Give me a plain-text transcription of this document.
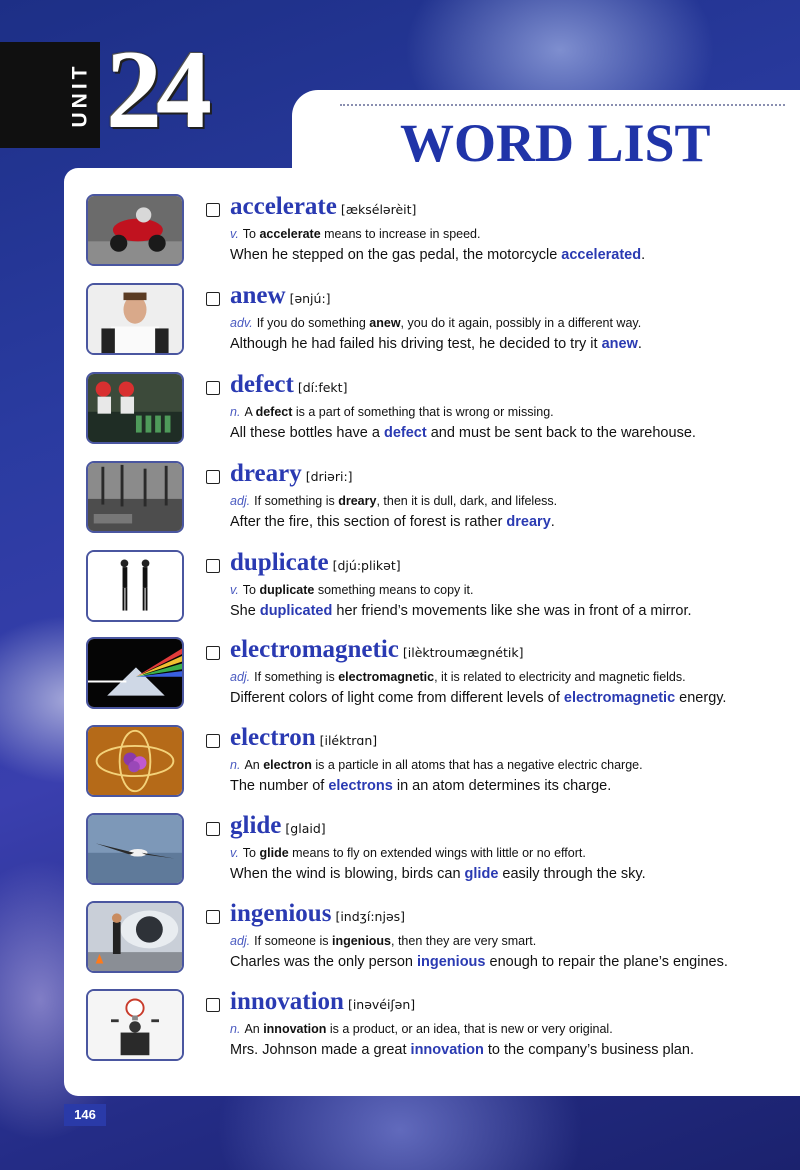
UNIT 24	WORD LIST
accelerate [æksélərèit]
v. To accelerate means to increase in speed.
When he stepped on the gas pedal, the motorcycle accelerated.
anew [ənjú:]
adv. If you do something anew, you do it again, possibly in a different way.
Although he had failed his driving test, he decided to try it anew.
defect [dí:fekt]
n. A defect is a part of something that is wrong or missing.
All these bottles have a defect and must be sent back to the warehouse.
dreary [driəri:]
adj. If something is dreary, then it is dull, dark, and lifeless.
After the fire, this section of forest is rather dreary.
duplicate [djú:plikət]
v. To duplicate something means to copy it.
She duplicated her friend’s movements like she was in front of a mirror.
electromagnetic [ilèktroumægnétik]
adj. If something is electromagnetic, it is related to electricity and magnetic fields.
Different colors of light come from different levels of electromagnetic energy.
electron [iléktrɑn]
n. An electron is a particle in all atoms that has a negative electric charge.
The number of electrons in an atom determines its charge.
glide [glaid]
v. To glide means to fly on extended wings with little or no effort.
When the wind is blowing, birds can glide easily through the sky.
ingenious [indʒí:njəs]
adj. If someone is ingenious, then they are very smart.
Charles was the only person ingenious enough to repair the plane’s engines.
innovation [inəvéiʃən]
n. An innovation is a product, or an idea, that is new or very original.
Mrs. Johnson made a great innovation to the company’s business plan.
146
